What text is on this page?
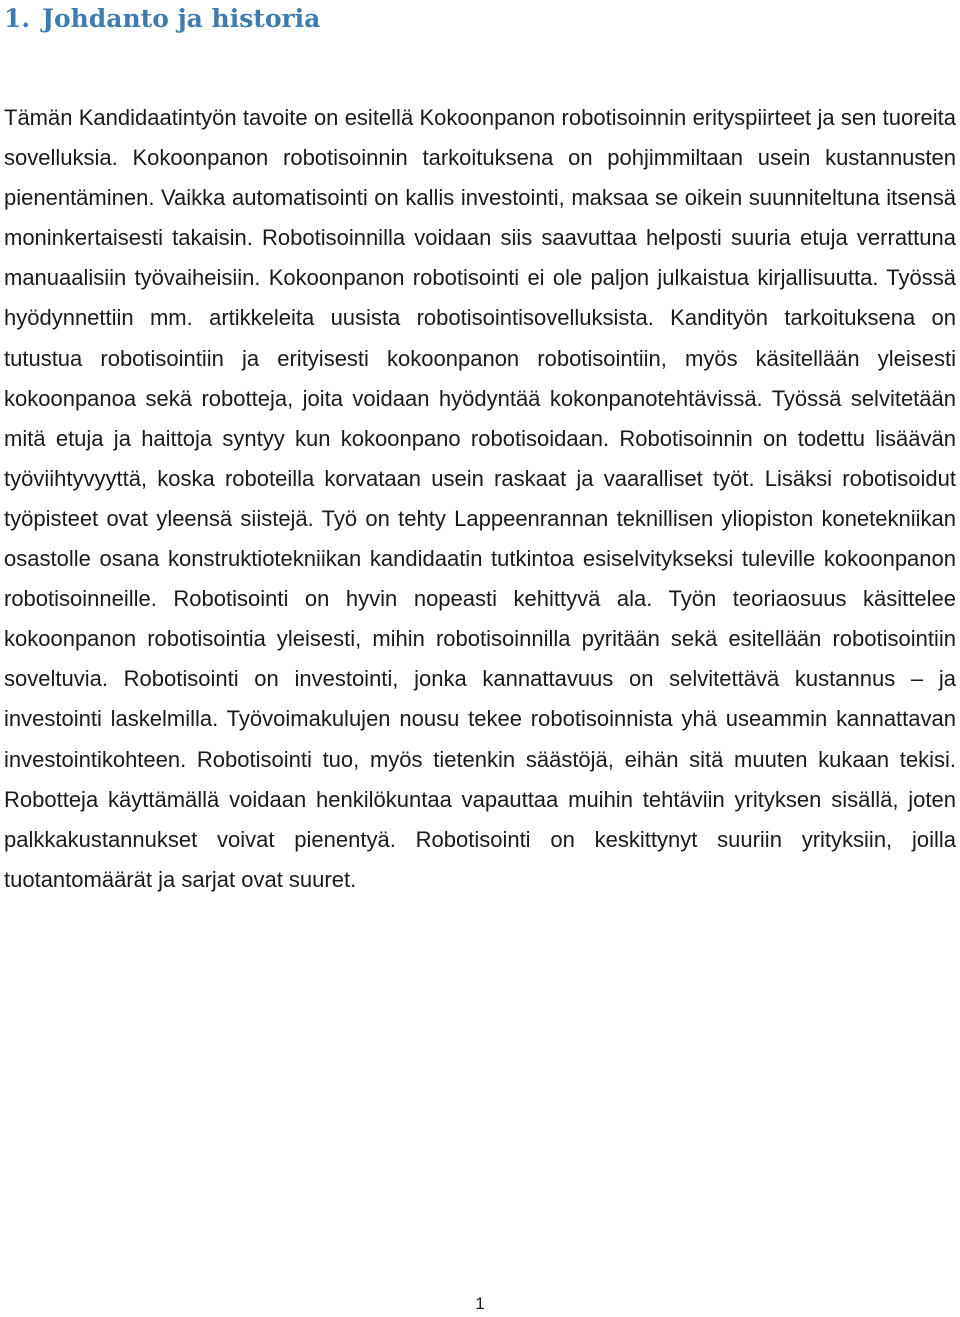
1. Johdanto ja historia

Tämän Kandidaatintyön tavoite on esitellä Kokoonpanon robotisoinnin erityspiirteet ja sen tuoreita sovelluksia. Kokoonpanon robotisoinnin tarkoituksena on pohjimmiltaan usein kustannusten pienentäminen. Vaikka automatisointi on kallis investointi, maksaa se oikein suunniteltuna itsensä moninkertaisesti takaisin. Robotisoinnilla voidaan siis saavuttaa helposti suuria etuja verrattuna manuaalisiin työvaiheisiin. Kokoonpanon robotisointi ei ole paljon julkaistua kirjallisuutta. Työssä hyödynnettiin mm. artikkeleita uusista robotisointisovelluksista. Kandityön tarkoituksena on tutustua robotisointiin ja erityisesti kokoonpanon robotisointiin, myös käsitellään yleisesti kokoonpanoa sekä robotteja, joita voidaan hyödyntää kokonpanotehtävissä. Työssä selvitetään mitä etuja ja haittoja syntyy kun kokoonpano robotisoidaan. Robotisoinnin on todettu lisäävän työviihtyvyyttä, koska roboteilla korvataan usein raskaat ja vaaralliset työt. Lisäksi robotisoidut työpisteet ovat yleensä siistejä. Työ on tehty Lappeenrannan teknillisen yliopiston konetekniikan osastolle osana konstruktiotekniikan kandidaatin tutkintoa esiselvitykseksi tuleville kokoonpanon robotisoinneille. Robotisointi on hyvin nopeasti kehittyvä ala. Työn teoriaosuus käsittelee kokoonpanon robotisointia yleisesti, mihin robotisoinnilla pyritään sekä esitellään robotisointiin soveltuvia. Robotisointi on investointi, jonka kannattavuus on selvitettävä kustannus – ja investointi laskelmilla. Työvoimakulujen nousu tekee robotisoinnista yhä useammin kannattavan investointikohteen. Robotisointi tuo, myös tietenkin säästöjä, eihän sitä muuten kukaan tekisi. Robotteja käyttämällä voidaan henkilökuntaa vapauttaa muihin tehtäviin yrityksen sisällä, joten palkkakustannukset voivat pienentyä. Robotisointi on keskittynyt suuriin yrityksiin, joilla tuotantomäärät ja sarjat ovat suuret.

1
